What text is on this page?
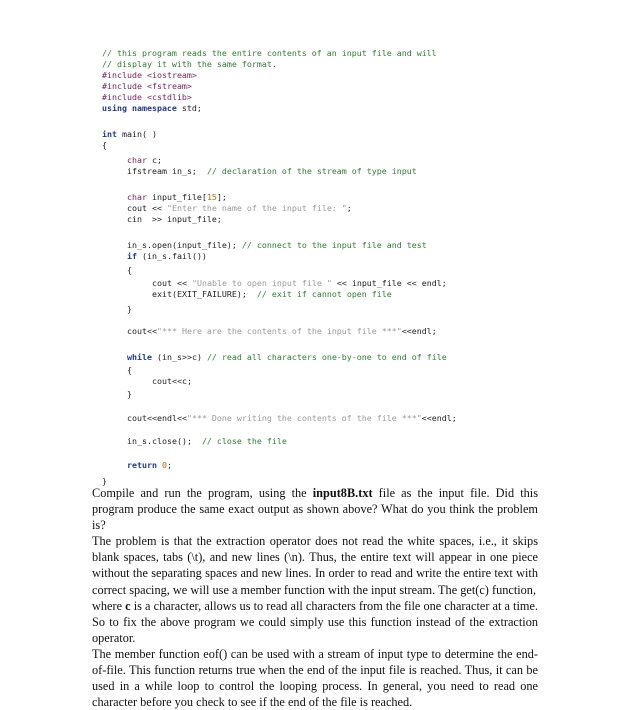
// this program reads the entire contents of an input file and will
// display it with the same format.
#include <iostream>
#include <fstream>
#include <cstdlib>
using namespace std;
int main( )
{
char c;
ifstream in_s;  // declaration of the stream of type input
char input_file[15];
cout << "Enter the name of the input file: ";
cin  >> input_file;
in_s.open(input_file); // connect to the input file and test
if (in_s.fail())
{
cout << "Unable to open input file " << input_file << endl;
exit(EXIT_FAILURE);  // exit if cannot open file
}
cout<<"*** Here are the contents of the input file ***"<<endl;
while (in_s>>c) // read all characters one-by-one to end of file
{
cout<<c;
}
cout<<endl<<"*** Done writing the contents of the file ***"<<endl;
in_s.close();  // close the file
return 0;
}

Compile and run the program, using the input8B.txt file as the input file. Did this program produce the same exact output as shown above? What do you think the problem is?

The problem is that the extraction operator does not read the white spaces, i.e., it skips blank spaces, tabs (\t), and new lines (\n). Thus, the entire text will appear in one piece without the separating spaces and new lines. In order to read and write the entire text with correct spacing, we will use a member function with the input stream. The get(c) function,

where c is a character, allows us to read all characters from the file one character at a time. So to fix the above program we could simply use this function instead of the extraction operator.

The member function eof() can be used with a stream of input type to determine the end-of-file. This function returns true when the end of the input file is reached. Thus, it can be used in a while loop to control the looping process. In general, you need to read one character before you check to see if the end of the file is reached.
